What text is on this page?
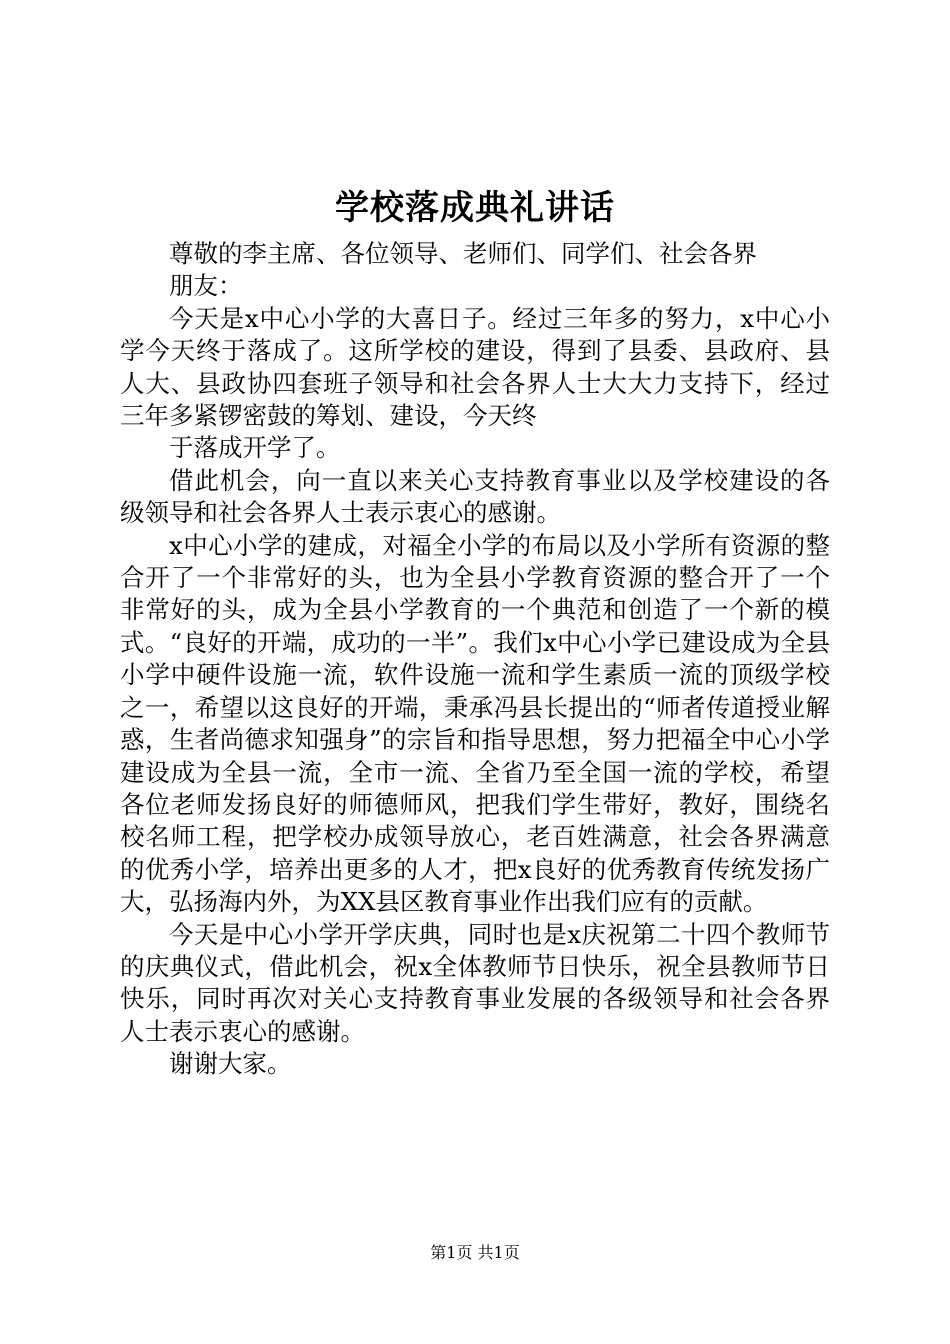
学校落成典礼讲话

尊敬的李主席、各位领导、老师们、同学们、社会各界
朋友：

今天是x中心小学的大喜日子。经过三年多的努力，x中心小学今天终于落成了。这所学校的建设，得到了县委、县政府、县人大、县政协四套班子领导和社会各界人士大大力支持下，经过三年多紧锣密鼓的筹划、建设，今天终

于落成开学了。

借此机会，向一直以来关心支持教育事业以及学校建设的各级领导和社会各界人士表示衷心的感谢。

x中心小学的建成，对福全小学的布局以及小学所有资源的整合开了一个非常好的头，也为全县小学教育资源的整合开了一个非常好的头，成为全县小学教育的一个典范和创造了一个新的模式。“良好的开端，成功的一半”。我们x中心小学已建设成为全县小学中硬件设施一流，软件设施一流和学生素质一流的顶级学校之一，希望以这良好的开端，秉承冯县长提出的“师者传道授业解惑，生者尚德求知强身”的宗旨和指导思想，努力把福全中心小学建设成为全县一流，全市一流、全省乃至全国一流的学校，希望各位老师发扬良好的师德师风，把我们学生带好，教好，围绕名校名师工程，把学校办成领导放心，老百姓满意，社会各界满意的优秀小学，培养出更多的人才，把x良好的优秀教育传统发扬广大，弘扬海内外，为XX县区教育事业作出我们应有的贡献。

今天是中心小学开学庆典，同时也是x庆祝第二十四个教师节的庆典仪式，借此机会，祝x全体教师节日快乐，祝全县教师节日快乐，同时再次对关心支持教育事业发展的各级领导和社会各界人士表示衷心的感谢。

谢谢大家。

第1页 共1页
